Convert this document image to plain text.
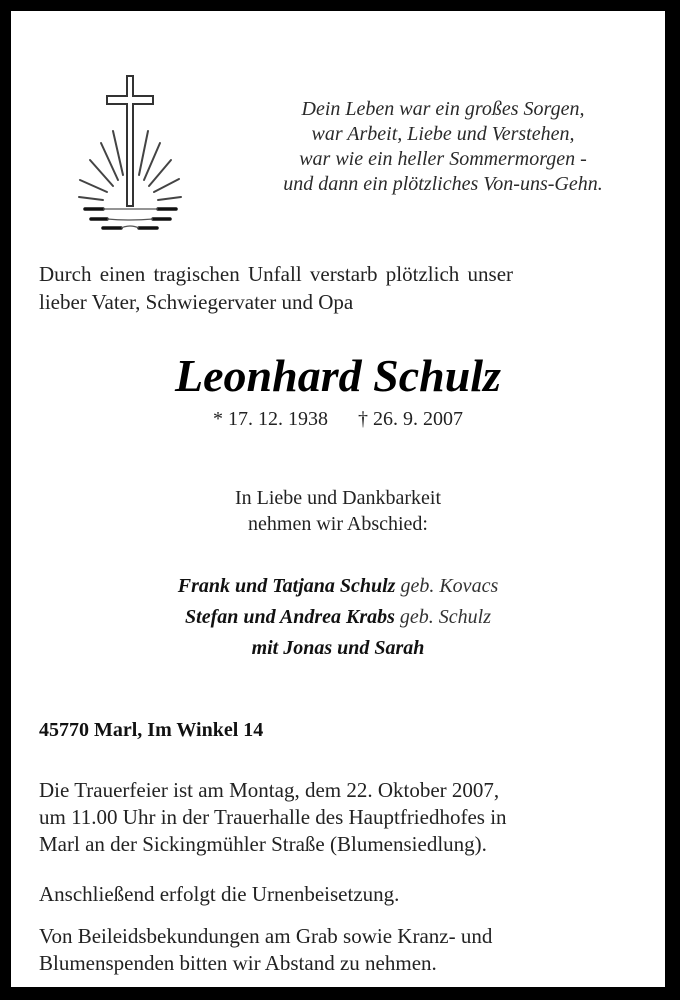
Dein Leben war ein großes Sorgen,
war Arbeit, Liebe und Verstehen,
war wie ein heller Sommermorgen -
und dann ein plötzliches Von-uns-Gehn.
Durch einen tragischen Unfall verstarb plötzlich unser
lieber Vater, Schwiegervater und Opa
Leonhard Schulz
* 17. 12. 1938 † 26. 9. 2007
In Liebe und Dankbarkeit
nehmen wir Abschied:
Frank und Tatjana Schulz geb. Kovacs
Stefan und Andrea Krabs geb. Schulz
mit Jonas und Sarah
45770 Marl, Im Winkel 14
Die Trauerfeier ist am Montag, dem 22. Oktober 2007,
um 11.00 Uhr in der Trauerhalle des Hauptfriedhofes in
Marl an der Sickingmühler Straße (Blumensiedlung).
Anschließend erfolgt die Urnenbeisetzung.
Von Beileidsbekundungen am Grab sowie Kranz- und
Blumenspenden bitten wir Abstand zu nehmen.
